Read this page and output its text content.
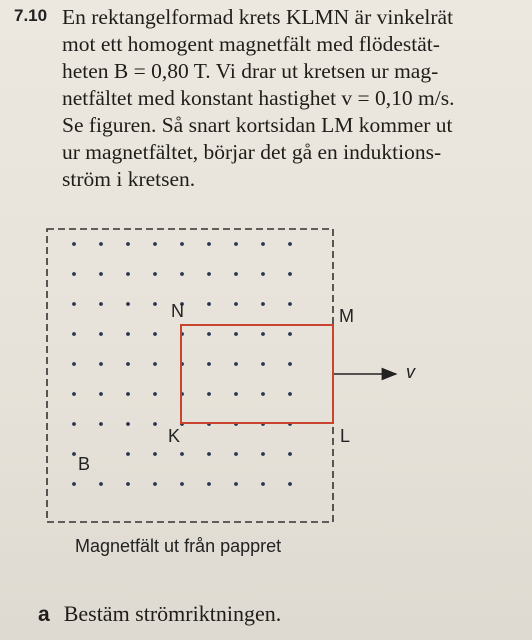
7.10 En rektangelformad krets KLMN är vinkelrät
mot ett homogent magnetfält med flödestät-
heten B = 0,80 T. Vi drar ut kretsen ur mag-
netfältet med konstant hastighet v = 0,10 m/s.
Se figuren. Så snart kortsidan LM kommer ut
ur magnetfältet, börjar det gå en induktions-
ström i kretsen.

N	M
K	L
B
v
Magnetfält ut från pappret
a Bestäm strömriktningen.
